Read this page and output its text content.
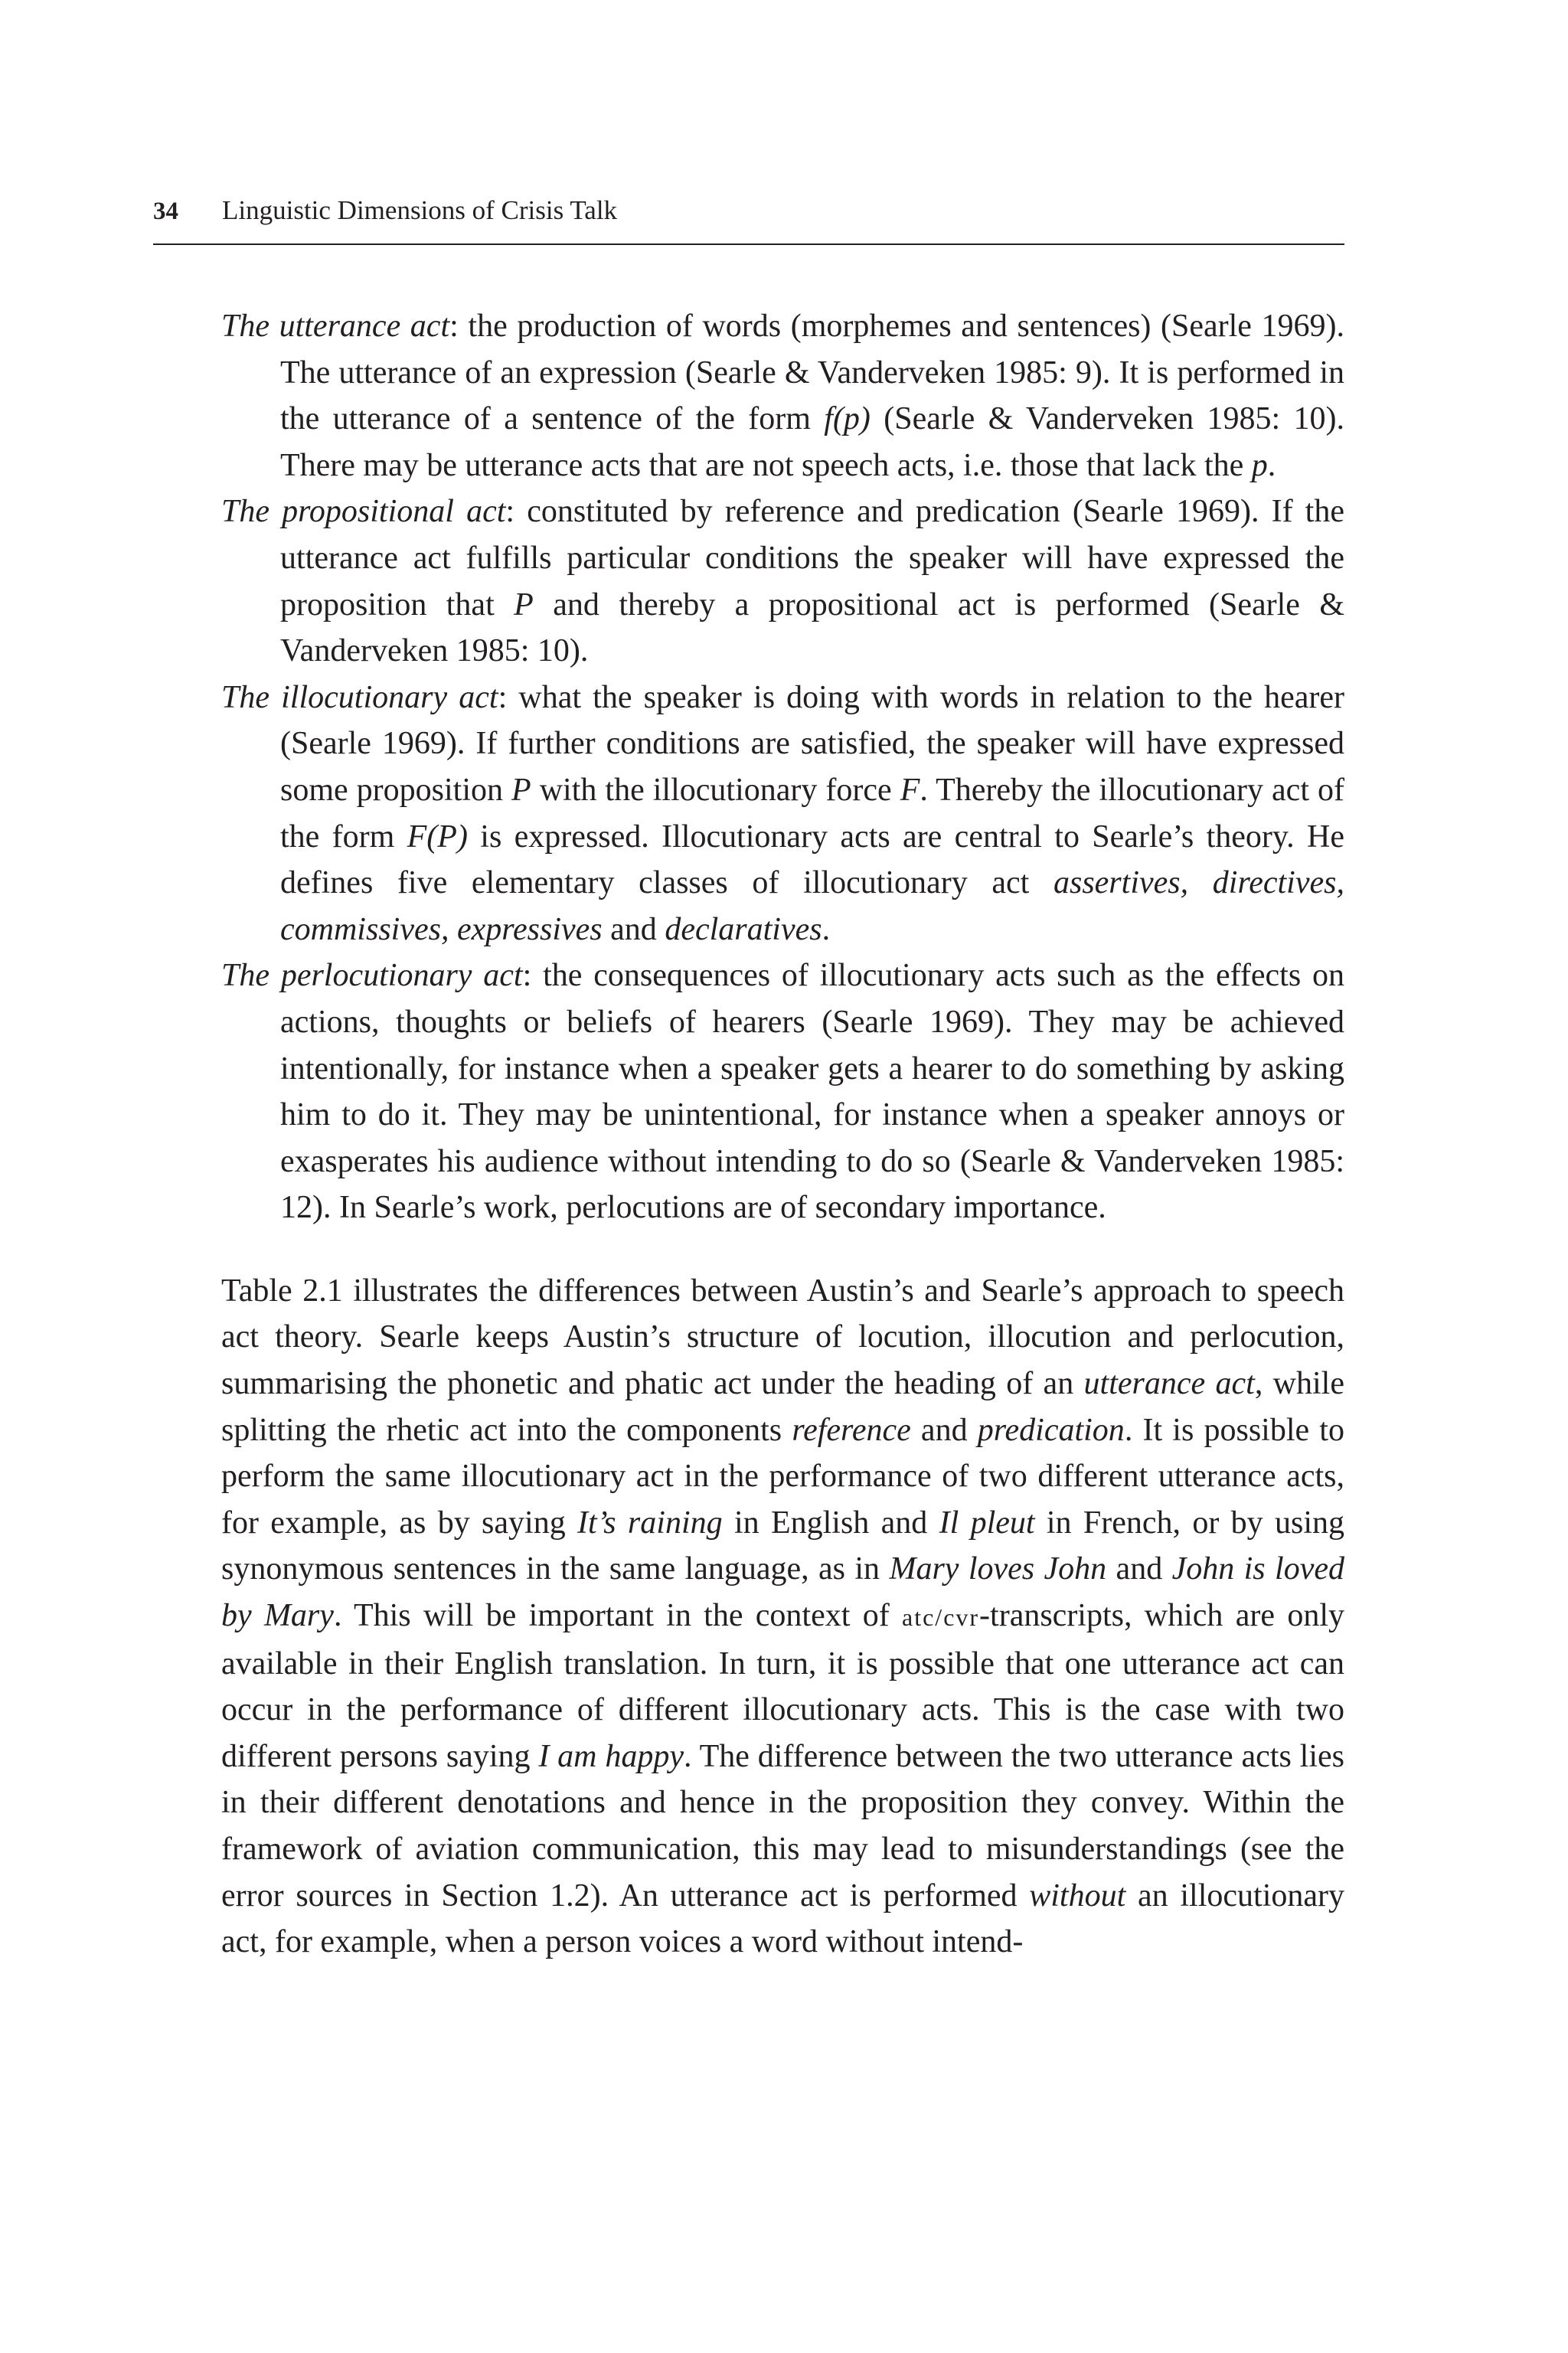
34 Linguistic Dimensions of Crisis Talk

The utterance act: the production of words (morphemes and sentences) (Searle 1969). The utterance of an expression (Searle & Vanderveken 1985: 9). It is performed in the utterance of a sentence of the form f(p) (Searle & Vanderveken 1985: 10). There may be utterance acts that are not speech acts, i.e. those that lack the p.

The propositional act: constituted by reference and predication (Searle 1969). If the utterance act fulfills particular conditions the speaker will have expressed the proposition that P and thereby a propositional act is performed (Searle & Vanderveken 1985: 10).

The illocutionary act: what the speaker is doing with words in relation to the hearer (Searle 1969). If further conditions are satisfied, the speaker will have expressed some proposition P with the illocutionary force F. Thereby the illocutionary act of the form F(P) is expressed. Illocutionary acts are central to Searle’s theory. He defines five elementary classes of illocutionary act assertives, directives, commissives, expressives and declaratives.

The perlocutionary act: the consequences of illocutionary acts such as the effects on actions, thoughts or beliefs of hearers (Searle 1969). They may be achieved intentionally, for instance when a speaker gets a hearer to do something by asking him to do it. They may be unintentional, for instance when a speaker annoys or exasperates his audience without intending to do so (Searle & Vanderveken 1985: 12). In Searle’s work, perlocutions are of secondary importance.

Table 2.1 illustrates the differences between Austin’s and Searle’s approach to speech act theory. Searle keeps Austin’s structure of locution, illocution and perlocution, summarising the phonetic and phatic act under the heading of an utterance act, while splitting the rhetic act into the components reference and predication. It is possible to perform the same illocutionary act in the performance of two different utterance acts, for example, as by saying It’s raining in English and Il pleut in French, or by using synonymous sentences in the same language, as in Mary loves John and John is loved by Mary. This will be important in the context of atc/cvr-transcripts, which are only available in their English translation. In turn, it is possible that one utterance act can occur in the performance of different illocutionary acts. This is the case with two different persons saying I am happy. The difference between the two utterance acts lies in their different denotations and hence in the proposition they convey. Within the framework of aviation communication, this may lead to misunderstandings (see the error sources in Section 1.2). An utterance act is performed without an illocutionary act, for example, when a person voices a word without intend-
